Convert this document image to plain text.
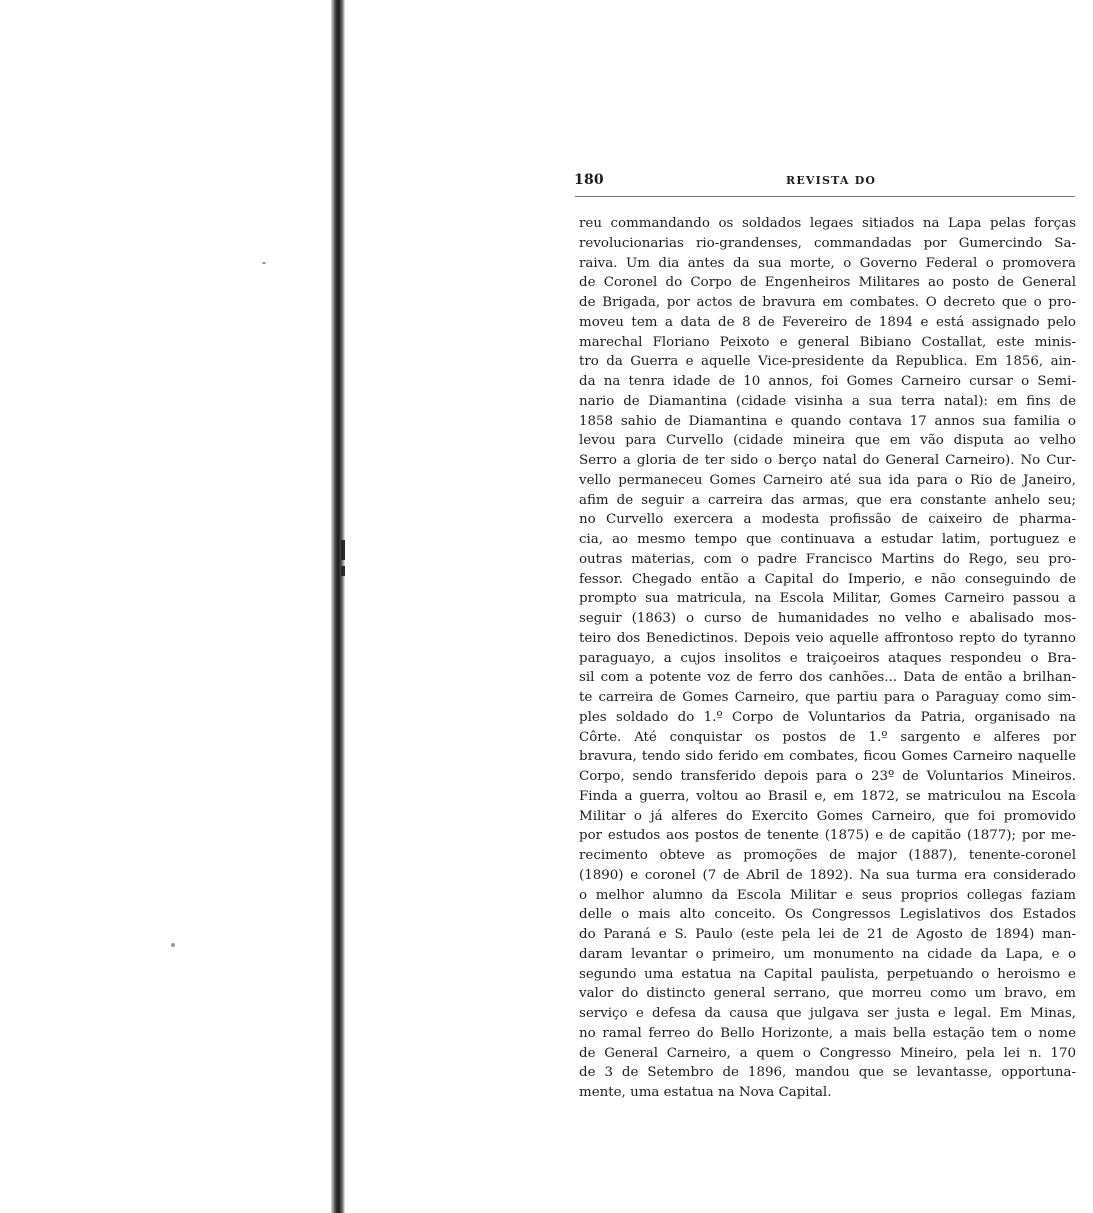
180	REVISTA DO
reu commandando os soldados legaes sitiados na Lapa pelas forças
revolucionarias rio-grandenses, commandadas por Gumercindo Sa-
raiva. Um dia antes da sua morte, o Governo Federal o promovera
de Coronel do Corpo de Engenheiros Militares ao posto de General
de Brigada, por actos de bravura em combates. O decreto que o pro-
moveu tem a data de 8 de Fevereiro de 1894 e está assignado pelo
marechal Floriano Peixoto e general Bibiano Costallat, este minis-
tro da Guerra e aquelle Vice-presidente da Republica. Em 1856, ain-
da na tenra idade de 10 annos, foi Gomes Carneiro cursar o Semi-
nario de Diamantina (cidade visinha a sua terra natal): em fins de
1858 sahio de Diamantina e quando contava 17 annos sua familia o
levou para Curvello (cidade mineira que em vão disputa ao velho
Serro a gloria de ter sido o berço natal do General Carneiro). No Cur-
vello permaneceu Gomes Carneiro até sua ida para o Rio de Janeiro,
afim de seguir a carreira das armas, que era constante anhelo seu;
no Curvello exercera a modesta profissão de caixeiro de pharma-
cia, ao mesmo tempo que continuava a estudar latim, portuguez e
outras materias, com o padre Francisco Martins do Rego, seu pro-
fessor. Chegado então a Capital do Imperio, e não conseguindo de
prompto sua matricula, na Escola Militar, Gomes Carneiro passou a
seguir (1863) o curso de humanidades no velho e abalisado mos-
teiro dos Benedictinos. Depois veio aquelle affrontoso repto do tyranno
paraguayo, a cujos insolitos e traiçoeiros ataques respondeu o Bra-
sil com a potente voz de ferro dos canhões... Data de então a brilhan-
te carreira de Gomes Carneiro, que partiu para o Paraguay como sim-
ples soldado do 1.º Corpo de Voluntarios da Patria, organisado na
Côrte. Até conquistar os postos de 1.º sargento e alferes por
bravura, tendo sido ferido em combates, ficou Gomes Carneiro naquelle
Corpo, sendo transferido depois para o 23º de Voluntarios Mineiros.
Finda a guerra, voltou ao Brasil e, em 1872, se matriculou na Escola
Militar o já alferes do Exercito Gomes Carneiro, que foi promovido
por estudos aos postos de tenente (1875) e de capitão (1877); por me-
recimento obteve as promoções de major (1887), tenente-coronel
(1890) e coronel (7 de Abril de 1892). Na sua turma era considerado
o melhor alumno da Escola Militar e seus proprios collegas faziam
delle o mais alto conceito. Os Congressos Legislativos dos Estados
do Paraná e S. Paulo (este pela lei de 21 de Agosto de 1894) man-
daram levantar o primeiro, um monumento na cidade da Lapa, e o
segundo uma estatua na Capital paulista, perpetuando o heroismo e
valor do distincto general serrano, que morreu como um bravo, em
serviço e defesa da causa que julgava ser justa e legal. Em Minas,
no ramal ferreo do Bello Horizonte, a mais bella estação tem o nome
de General Carneiro, a quem o Congresso Mineiro, pela lei n. 170
de 3 de Setembro de 1896, mandou que se levantasse, opportuna-
mente, uma estatua na Nova Capital.
